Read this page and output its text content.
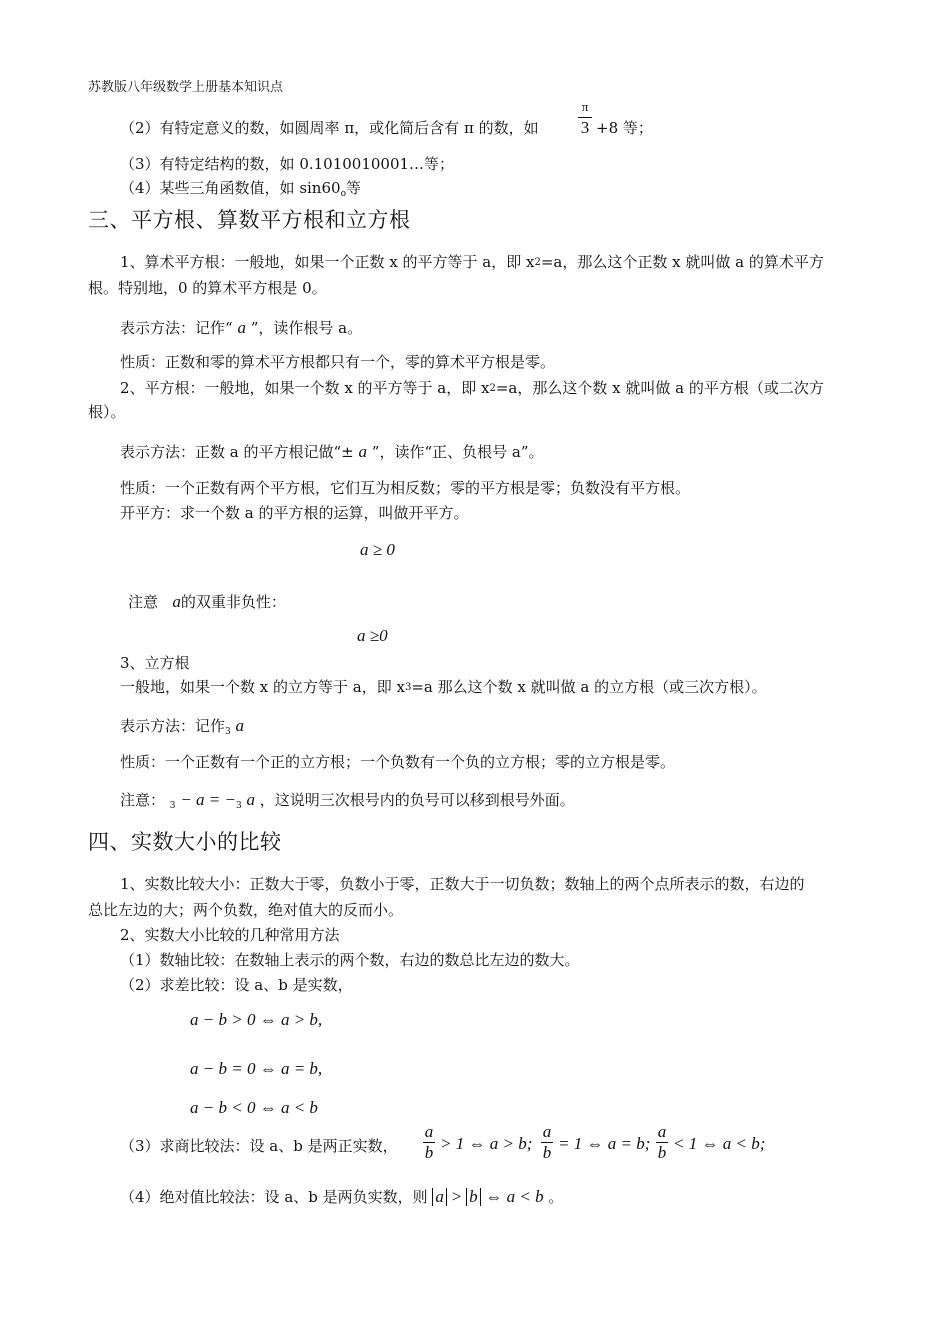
苏教版八年级数学上册基本知识点
（2）有特定意义的数，如圆周率 π，或化简后含有 π 的数，如
π
3 +8 等；
（3）有特定结构的数，如 0.1010010001…等；
（4）某些三角函数值，如 $\sin 60_o$等
三、平方根、算数平方根和立方根
1、算术平方根：一般地，如果一个正数 x 的平方等于 a，即 $x^2=a$，那么这个正数 x 就叫做 a 的算术平方
根。特别地，0 的算术平方根是 0。
表示方法：记作“ a ”，读作根号 a。
性质：正数和零的算术平方根都只有一个，零的算术平方根是零。
2、平方根：一般地，如果一个数 x 的平方等于 a，即 $x^2=a$，那么这个数 x 就叫做 a 的平方根（或二次方
根）。
表示方法：正数 a 的平方根记做“± a ”，读作“正、负根号 a”。
性质：一个正数有两个平方根，它们互为相反数；零的平方根是零；负数没有平方根。
开平方：求一个数 a 的平方根的运算，叫做开平方。
a ≥ 0
注意 a的双重非负性：
a ≥0
3、立方根
一般地，如果一个数 x 的立方等于 a，即 $x^3=a$ 那么这个数 x 就叫做 a 的立方根（或三次方根）。
表示方法：记作$_3$ a
性质：一个正数有一个正的立方根；一个负数有一个负的立方根；零的立方根是零。
注意： $_3 - a = -_3$ a ，这说明三次根号内的负号可以移到根号外面。
四、实数大小的比较
1、实数比较大小：正数大于零，负数小于零，正数大于一切负数；数轴上的两个点所表示的数，右边的
总比左边的大；两个负数，绝对值大的反而小。
2、实数大小比较的几种常用方法
（1）数轴比较：在数轴上表示的两个数，右边的数总比左边的数大。
（2）求差比较：设 a、b 是实数，
a − b > 0 ⇔ a > b,
a − b = 0 ⇔ a = b,
a − b < 0 ⇔ a < b
（3）求商比较法：设 a、b 是两正实数，
a
b > 1 ⇔ a > b;
a
b = 1 ⇔ a = b;
a
b < 1 ⇔ a < b;
（4）绝对值比较法：设 a、b 是两负实数，则 a > b ⇔ a < b 。
